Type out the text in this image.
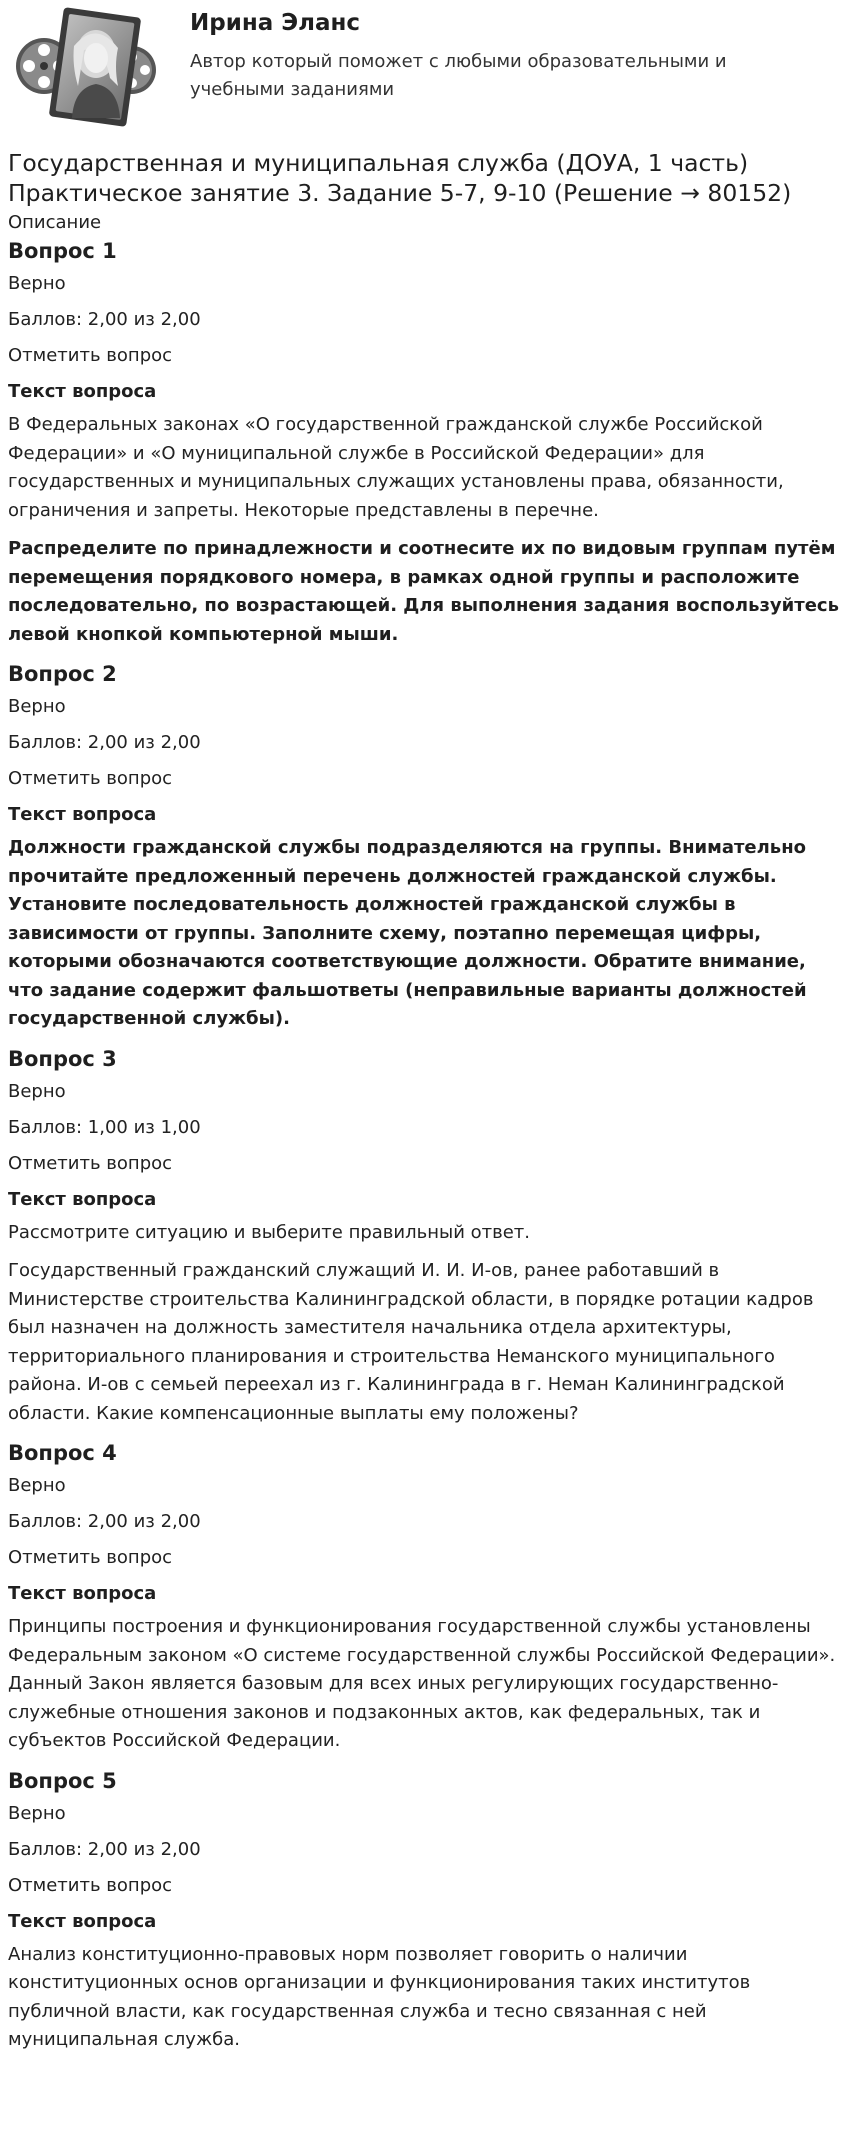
Ирина Эланс
Автор который поможет с любыми образовательными и учебными заданиями
Государственная и муниципальная служба (ДОУА, 1 часть)
Практическое занятие 3. Задание 5-7, 9-10 (Решение → 80152)
Описание
Вопрос 1
Верно
Баллов: 2,00 из 2,00
Отметить вопрос
Текст вопроса

В Федеральных законах «О государственной гражданской службе Российской Федерации» и «О муниципальной службе в Российской Федерации» для государственных и муниципальных служащих установлены права, обязанности, ограничения и запреты. Некоторые представлены в перечне.

Распределите по принадлежности и соотнесите их по видовым группам путём перемещения порядкового номера, в рамках одной группы и расположите последовательно, по возрастающей. Для выполнения задания воспользуйтесь левой кнопкой компьютерной мыши.

Вопрос 2
Верно
Баллов: 2,00 из 2,00
Отметить вопрос
Текст вопроса

Должности гражданской службы подразделяются на группы. Внимательно прочитайте предложенный перечень должностей гражданской службы. Установите последовательность должностей гражданской службы в зависимости от группы. Заполните схему, поэтапно перемещая цифры, которыми обозначаются соответствующие должности. Обратите внимание, что задание содержит фальшответы (неправильные варианты должностей государственной службы).

Вопрос 3
Верно
Баллов: 1,00 из 1,00
Отметить вопрос
Текст вопроса

Рассмотрите ситуацию и выберите правильный ответ.

Государственный гражданский служащий И. И. И-ов, ранее работавший в Министерстве строительства Калининградской области, в порядке ротации кадров был назначен на должность заместителя начальника отдела архитектуры, территориального планирования и строительства Неманского муниципального района. И-ов с семьей переехал из г. Калининграда в г. Неман Калининградской области. Какие компенсационные выплаты ему положены?

Вопрос 4
Верно
Баллов: 2,00 из 2,00
Отметить вопрос
Текст вопроса

Принципы построения и функционирования государственной службы установлены Федеральным законом «О системе государственной службы Российской Федерации». Данный Закон является базовым для всех иных регулирующих государственно-служебные отношения законов и подзаконных актов, как федеральных, так и субъектов Российской Федерации.

Вопрос 5
Верно
Баллов: 2,00 из 2,00
Отметить вопрос
Текст вопроса

Анализ конституционно-правовых норм позволяет говорить о наличии конституционных основ организации и функционирования таких институтов публичной власти, как государственная служба и тесно связанная с ней муниципальная служба.
